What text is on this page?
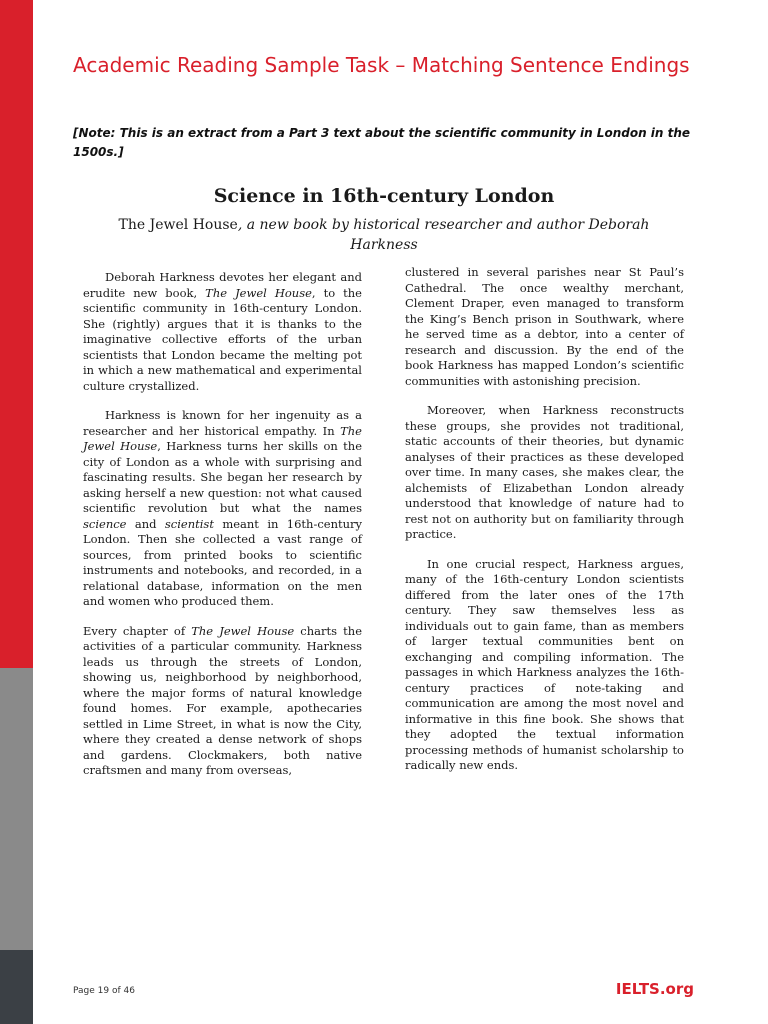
Academic Reading Sample Task – Matching Sentence Endings

[Note: This is an extract from a Part 3 text about the scientific community in London in the 1500s.]

Science in 16th-century London

The Jewel House, a new book by historical researcher and author Deborah Harkness

Deborah Harkness devotes her elegant and erudite new book, The Jewel House, to the scientific community in 16th-century London. She (rightly) argues that it is thanks to the imaginative collective efforts of the urban scientists that London became the melting pot in which a new mathematical and experimental culture crystallized.

Harkness is known for her ingenuity as a researcher and her historical empathy. In The Jewel House, Harkness turns her skills on the city of London as a whole with surprising and fascinating results. She began her research by asking herself a new question: not what caused scientific revolution but what the names science and scientist meant in 16th-century London. Then she collected a vast range of sources, from printed books to scientific instruments and notebooks, and recorded, in a relational database, information on the men and women who produced them.

Every chapter of The Jewel House charts the activities of a particular community. Harkness leads us through the streets of London, showing us, neighborhood by neighborhood, where the major forms of natural knowledge found homes. For example, apothecaries settled in Lime Street, in what is now the City, where they created a dense network of shops and gardens. Clockmakers, both native craftsmen and many from overseas,

clustered in several parishes near St Paul’s Cathedral. The once wealthy merchant, Clement Draper, even managed to transform the King’s Bench prison in Southwark, where he served time as a debtor, into a center of research and discussion. By the end of the book Harkness has mapped London’s scientific communities with astonishing precision.

Moreover, when Harkness reconstructs these groups, she provides not traditional, static accounts of their theories, but dynamic analyses of their practices as these developed over time. In many cases, she makes clear, the alchemists of Elizabethan London already understood that knowledge of nature had to rest not on authority but on familiarity through practice.

In one crucial respect, Harkness argues, many of the 16th-century London scientists differed from the later ones of the 17th century. They saw themselves less as individuals out to gain fame, than as members of larger textual communities bent on exchanging and compiling information. The passages in which Harkness analyzes the 16th- century practices of note-taking and communication are among the most novel and informative in this fine book. She shows that they adopted the textual information processing methods of humanist scholarship to radically new ends.

Page 19 of 46	IELTS.org
